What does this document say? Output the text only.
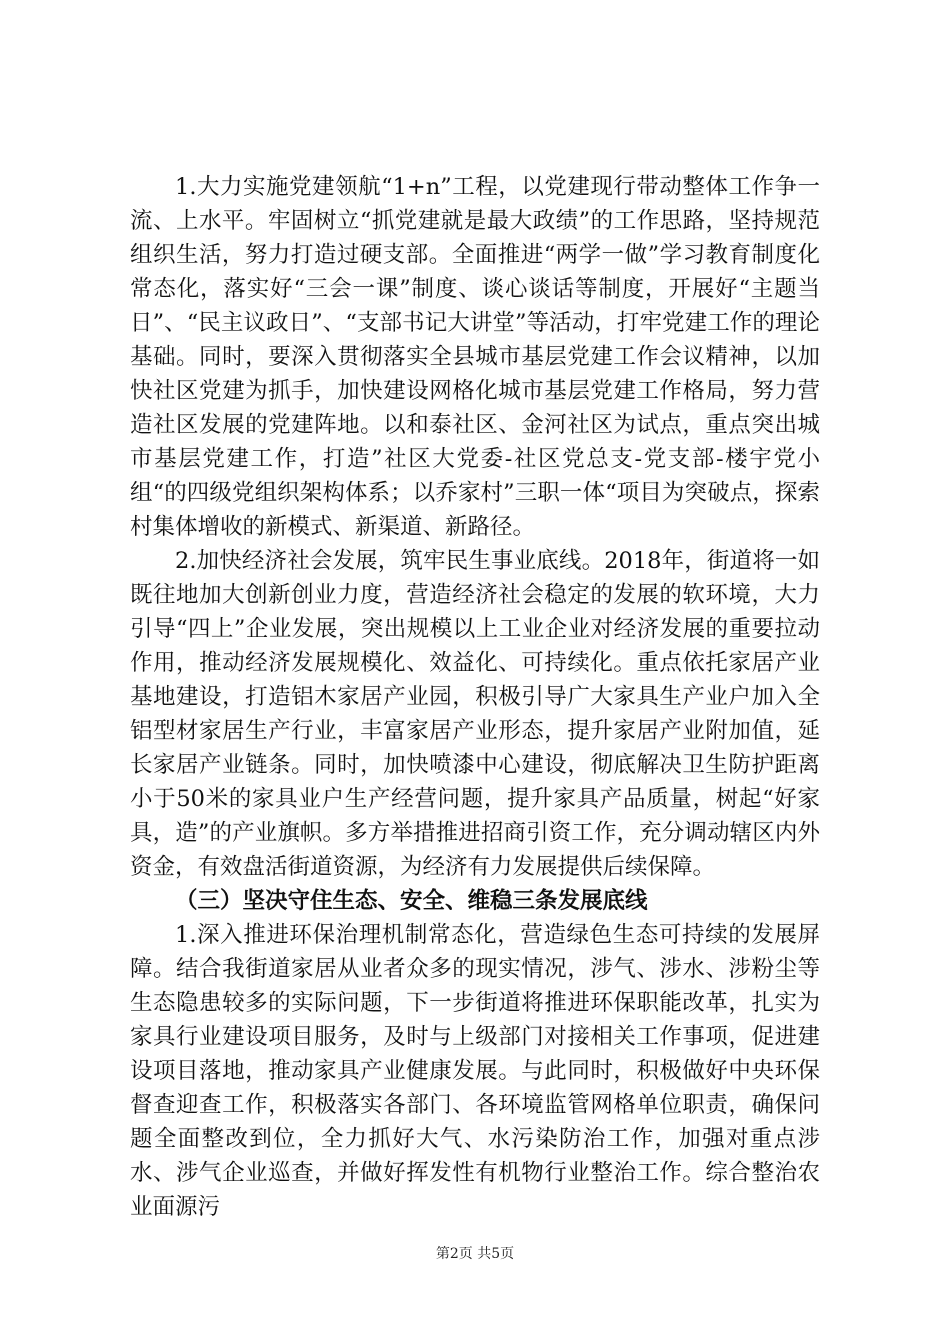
1.大力实施党建领航“1+n”工程，以党建现行带动整体工作争一流、上水平。牢固树立“抓党建就是最大政绩”的工作思路，坚持规范组织生活，努力打造过硬支部。全面推进“两学一做”学习教育制度化常态化，落实好“三会一课”制度、谈心谈话等制度，开展好“主题当日”、“民主议政日”、“支部书记大讲堂”等活动，打牢党建工作的理论基础。同时，要深入贯彻落实全县城市基层党建工作会议精神，以加快社区党建为抓手，加快建设网格化城市基层党建工作格局，努力营造社区发展的党建阵地。以和泰社区、金河社区为试点，重点突出城市基层党建工作，打造”社区大党委-社区党总支-党支部-楼宇党小组“的四级党组织架构体系；以乔家村”三职一体“项目为突破点，探索村集体增收的新模式、新渠道、新路径。

2.加快经济社会发展，筑牢民生事业底线。2018年，街道将一如既往地加大创新创业力度，营造经济社会稳定的发展的软环境，大力引导“四上”企业发展，突出规模以上工业企业对经济发展的重要拉动作用，推动经济发展规模化、效益化、可持续化。重点依托家居产业基地建设，打造铝木家居产业园，积极引导广大家具生产业户加入全铝型材家居生产行业，丰富家居产业形态，提升家居产业附加值，延长家居产业链条。同时，加快喷漆中心建设，彻底解决卫生防护距离小于50米的家具业户生产经营问题，提升家具产品质量，树起“好家具，造”的产业旗帜。多方举措推进招商引资工作，充分调动辖区内外资金，有效盘活街道资源，为经济有力发展提供后续保障。

（三）坚决守住生态、安全、维稳三条发展底线

1.深入推进环保治理机制常态化，营造绿色生态可持续的发展屏障。结合我街道家居从业者众多的现实情况，涉气、涉水、涉粉尘等生态隐患较多的实际问题，下一步街道将推进环保职能改革，扎实为家具行业建设项目服务，及时与上级部门对接相关工作事项，促进建设项目落地，推动家具产业健康发展。与此同时，积极做好中央环保督查迎查工作，积极落实各部门、各环境监管网格单位职责，确保问题全面整改到位，全力抓好大气、水污染防治工作，加强对重点涉水、涉气企业巡查，并做好挥发性有机物行业整治工作。综合整治农业面源污

第2页 共5页
